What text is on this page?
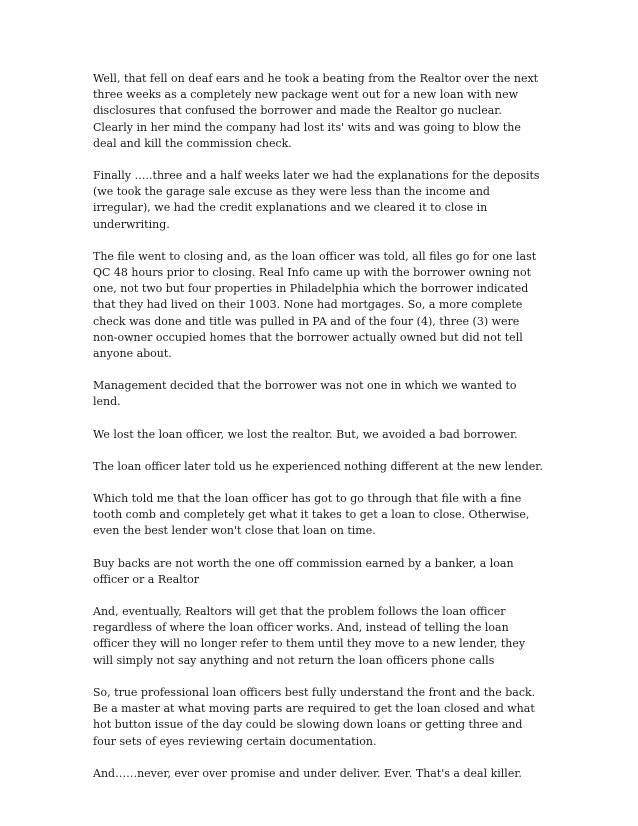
Well, that fell on deaf ears and he took a beating from the Realtor over the next three weeks as a completely new package went out for a new loan with new disclosures that confused the borrower and made the Realtor go nuclear. Clearly in her mind the company had lost its' wits and was going to blow the deal and kill the commission check.

Finally …..three and a half weeks later we had the explanations for the deposits (we took the garage sale excuse as they were less than the income and irregular), we had the credit explanations and we cleared it to close in underwriting.

The file went to closing and, as the loan officer was told, all files go for one last QC 48 hours prior to closing. Real Info came up with the borrower owning not one, not two but four properties in Philadelphia which the borrower indicated that they had lived on their 1003. None had mortgages. So, a more complete check was done and title was pulled in PA and of the four (4), three (3) were non-owner occupied homes that the borrower actually owned but did not tell anyone about.

Management decided that the borrower was not one in which we wanted to lend.

We lost the loan officer, we lost the realtor. But, we avoided a bad borrower.

The loan officer later told us he experienced nothing different at the new lender.

Which told me that the loan officer has got to go through that file with a fine tooth comb and completely get what it takes to get a loan to close. Otherwise, even the best lender won't close that loan on time.

Buy backs are not worth the one off commission earned by a banker, a loan officer or a Realtor

And, eventually, Realtors will get that the problem follows the loan officer regardless of where the loan officer works. And, instead of telling the loan officer they will no longer refer to them until they move to a new lender, they will simply not say anything and not return the loan officers phone calls

So, true professional loan officers best fully understand the front and the back. Be a master at what moving parts are required to get the loan closed and what hot button issue of the day could be slowing down loans or getting three and four sets of eyes reviewing certain documentation.

And……never, ever over promise and under deliver. Ever. That's a deal killer.
